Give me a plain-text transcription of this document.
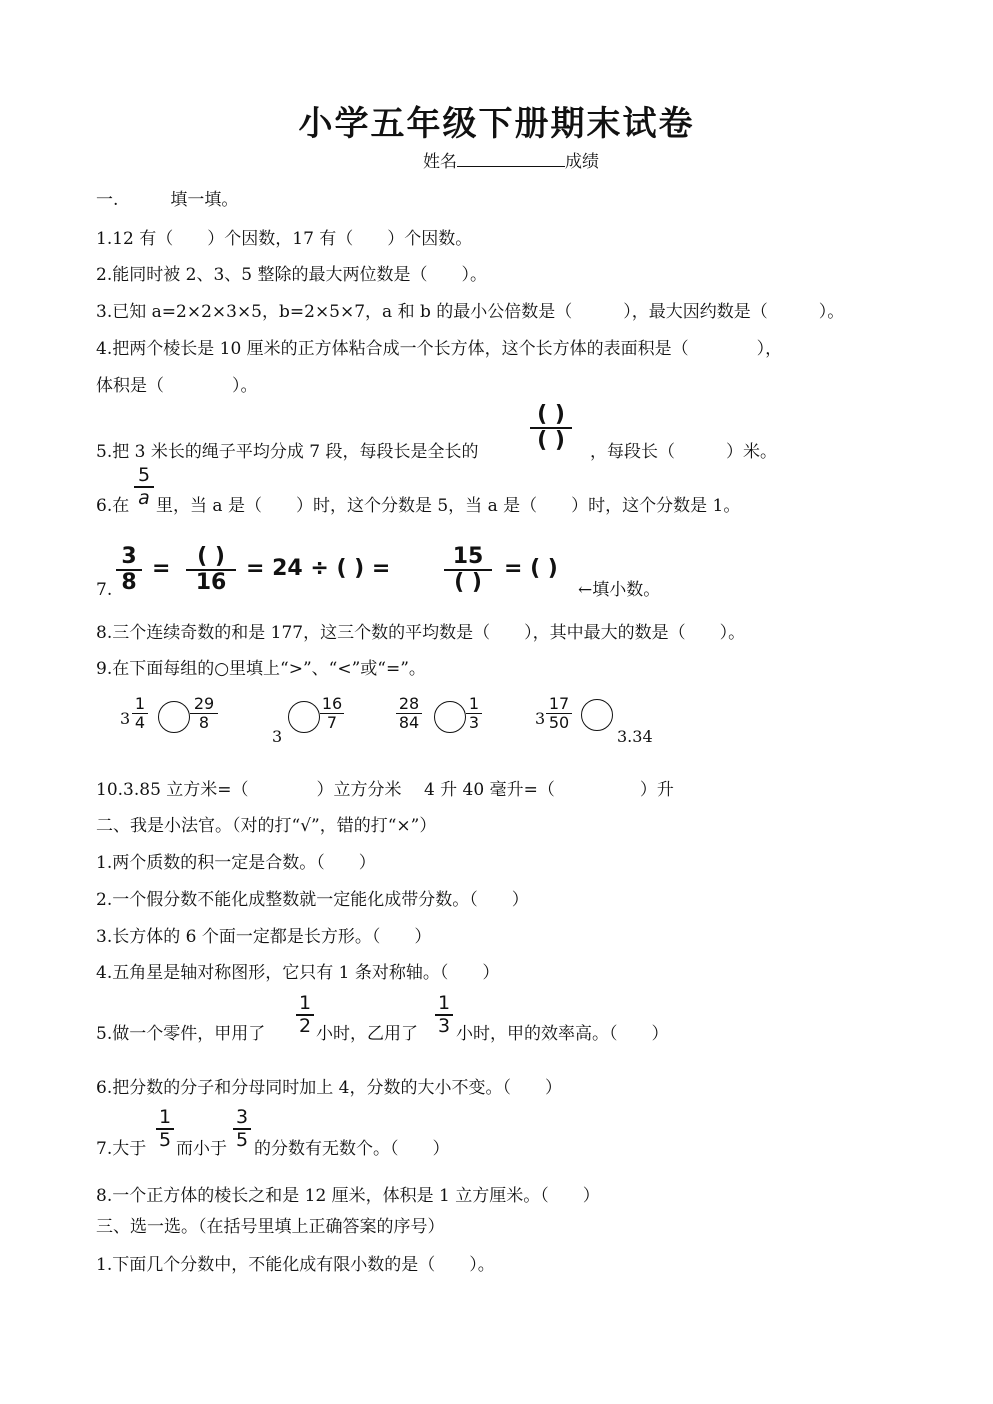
小学五年级下册期末试卷
姓名	成绩
一.	填一填。
1.12 有（　　）个因数，17 有（　　）个因数。
2.能同时被 2、3、5 整除的最大两位数是（　　）。
3.已知 a=2×2×3×5，b=2×5×7，a 和 b 的最小公倍数是（　　　），最大因约数是（　　　）。
4.把两个棱长是 10 厘米的正方体粘合成一个长方体，这个长方体的表面积是（　　　　），
体积是（　　　　）。
5.把 3 米长的绳子平均分成 7 段，每段长是全长的
( )
( )	，每段长（　　　）米。
6.在
5
a 里，当 a 是（　　）时，这个分数是 5，当 a 是（　　）时，这个分数是 1。
7.
3
8
=	( )
16
= 24 ÷ ( ) =	15
( )
= ( )
←填小数。
8.三个连续奇数的和是 177，这三个数的平均数是（　　），其中最大的数是（　　）。
9.在下面每组的○里填上“>”、“<”或“=”。
3
1
4
29
8
3
16
7
28
84
1
3	3
17
50
3.34
10.3.85 立方米=（　　　　）立方分米　 4 升 40 毫升=（　　　　　）升
二、我是小法官。（对的打“√”，错的打“×”）
1.两个质数的积一定是合数。（　　）
2.一个假分数不能化成整数就一定能化成带分数。（　　）
3.长方体的 6 个面一定都是长方形。（　　）
4.五角星是轴对称图形，它只有 1 条对称轴。（　　）
5.做一个零件，甲用了
1
2 小时，乙用了
1
3 小时，甲的效率高。（　　）
6.把分数的分子和分母同时加上 4，分数的大小不变。（　　）
7.大于
1
5 而小于
3
5 的分数有无数个。（　　）
8.一个正方体的棱长之和是 12 厘米，体积是 1 立方厘米。（　　）
三、选一选。（在括号里填上正确答案的序号）
1.下面几个分数中，不能化成有限小数的是（　　）。
